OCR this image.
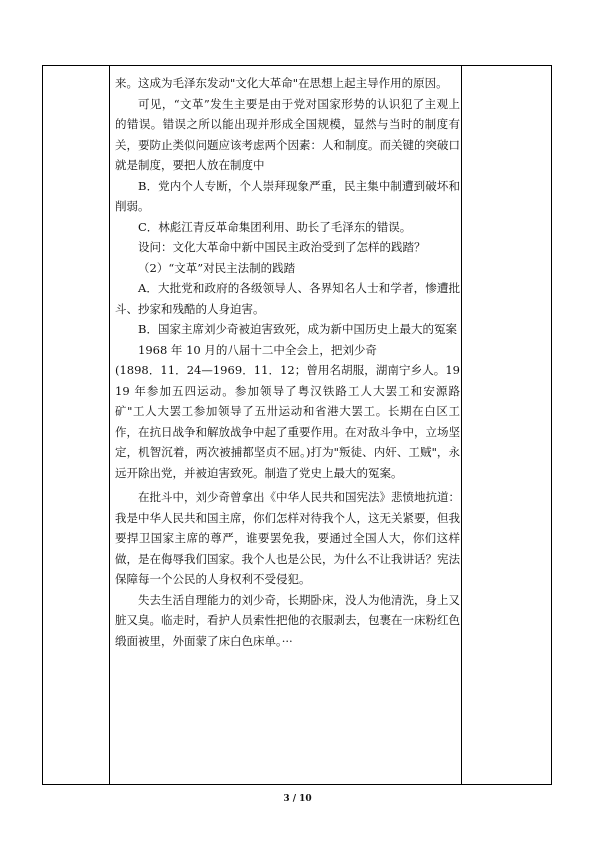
来。这成为毛泽东发动"文化大革命"在思想上起主导作用的原因。

可见，“文革”发生主要是由于党对国家形势的认识犯了主观上的错误。错误之所以能出现并形成全国规模，显然与当时的制度有关，要防止类似问题应该考虑两个因素：人和制度。而关键的突破口就是制度，要把人放在制度中

B．党内个人专断，个人崇拜现象严重，民主集中制遭到破坏和削弱。

C．林彪江青反革命集团利用、助长了毛泽东的错误。

设问：文化大革命中新中国民主政治受到了怎样的践踏？

（2）“文革”对民主法制的践踏

A．大批党和政府的各级领导人、各界知名人士和学者，惨遭批斗、抄家和残酷的人身迫害。

B．国家主席刘少奇被迫害致死，成为新中国历史上最大的冤案

1968 年 10 月的八届十二中全会上，把刘少奇

(1898．11．24—1969．11．12；曾用名胡服，湖南宁乡人。1919 年参加五四运动。参加领导了粤汉铁路工人大罢工和安源路矿"工人大罢工参加领导了五卅运动和省港大罢工。长期在白区工作，在抗日战争和解放战争中起了重要作用。在对敌斗争中，立场坚定，机智沉着，两次被捕都坚贞不屈。)打为"叛徒、内奸、工贼"，永远开除出党，并被迫害致死。制造了党史上最大的冤案。

在批斗中，刘少奇曾拿出《中华人民共和国宪法》悲愤地抗道：我是中华人民共和国主席，你们怎样对待我个人，这无关紧要，但我要捍卫国家主席的尊严，谁要罢免我，要通过全国人大，你们这样做，是在侮辱我们国家。我个人也是公民，为什么不让我讲话？宪法保障每一个公民的人身权利不受侵犯。

失去生活自理能力的刘少奇，长期卧床，没人为他清洗，身上又脏又臭。临走时，看护人员索性把他的衣服剥去，包裹在一床粉红色缎面被里，外面蒙了床白色床单。···

3 / 10
